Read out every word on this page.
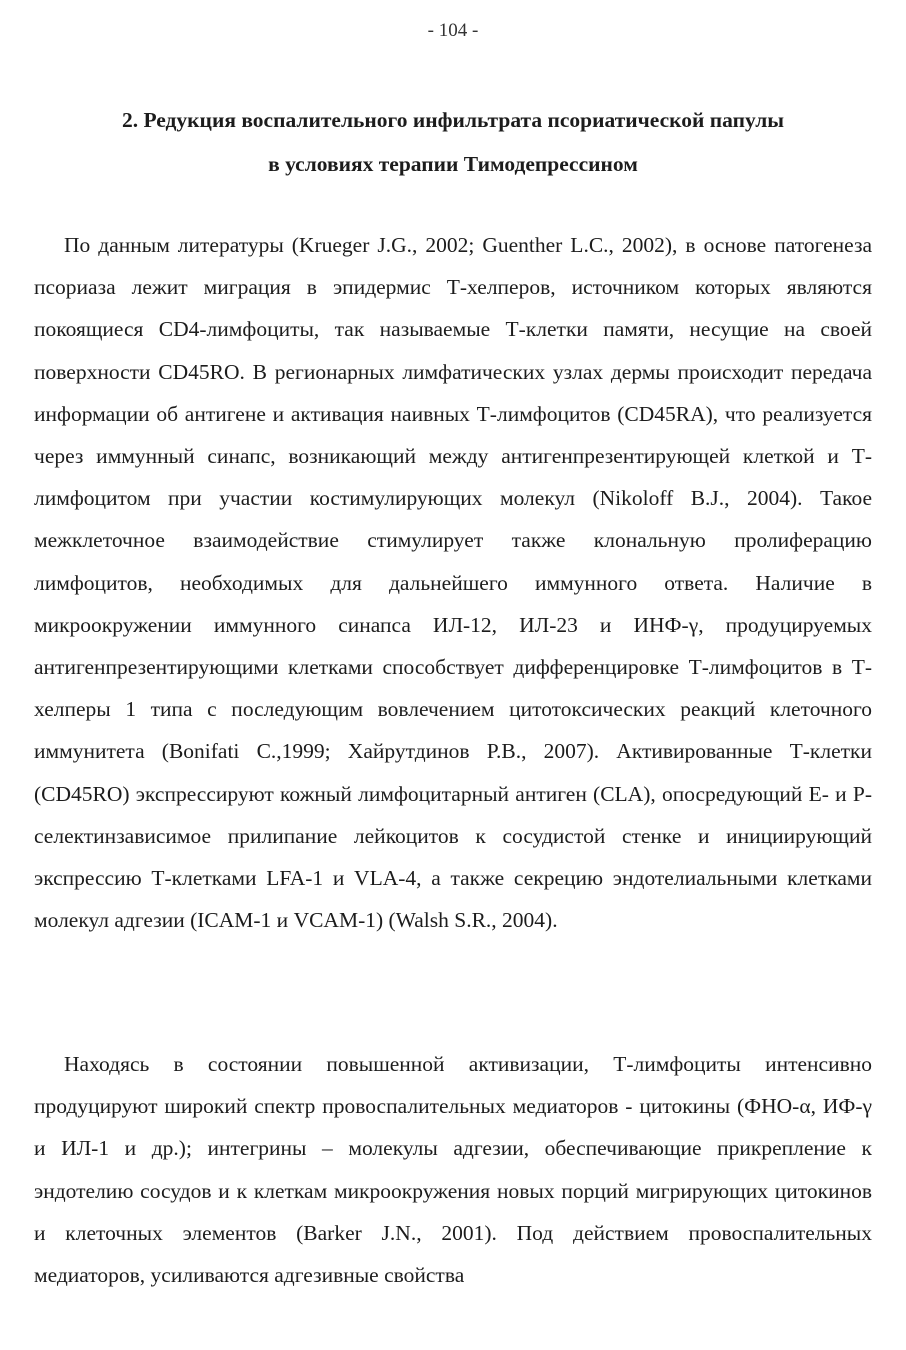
- 104 -
2. Редукция воспалительного инфильтрата псориатической папулы
в условиях терапии Тимодепрессином

По данным литературы (Krueger J.G., 2002; Guenther L.C., 2002), в основе патогенеза псориаза лежит миграция в эпидермис Т-хелперов, источником которых являются покоящиеся CD4-лимфоциты, так называемые Т-клетки памяти, несущие на своей поверхности CD45RO. В регионарных лимфатических узлах дермы происходит передача информации об антигене и активация наивных Т-лимфоцитов (CD45RA), что реализуется через иммунный синапс, возникающий между антигенпрезентирующей клеткой и Т-лимфоцитом при участии костимулирующих молекул (Nikoloff B.J., 2004). Такое межклеточное взаимодействие стимулирует также клональную пролиферацию лимфоцитов, необходимых для дальнейшего иммунного ответа. Наличие в микроокружении иммунного синапса ИЛ-12, ИЛ-23 и ИНФ-γ, продуцируемых антигенпрезентирующими клетками способствует дифференцировке Т-лимфоцитов в Т-хелперы 1 типа с последующим вовлечением цитотоксических реакций клеточного иммунитета (Bonifati C.,1999; Хайрутдинов Р.В., 2007). Активированные Т-клетки (CD45RO) экспрессируют кожный лимфоцитарный антиген (CLA), опосредующий Е- и Р-селектинзависимое прилипание лейкоцитов к сосудистой стенке и инициирующий экспрессию Т-клетками LFA-1 и VLA-4, а также секрецию эндотелиальными клетками молекул адгезии (ICAM-1 и VCAM-1) (Walsh S.R., 2004).

Находясь в состоянии повышенной активизации, Т-лимфоциты интенсивно продуцируют широкий спектр провоспалительных медиаторов - цитокины (ФНО-α, ИФ-γ и ИЛ-1 и др.); интегрины – молекулы адгезии, обеспечивающие прикрепление к эндотелию сосудов и к клеткам микроокружения новых порций мигрирующих цитокинов и клеточных элементов (Barker J.N., 2001). Под действием провоспалительных медиаторов, усиливаются адгезивные свойства
